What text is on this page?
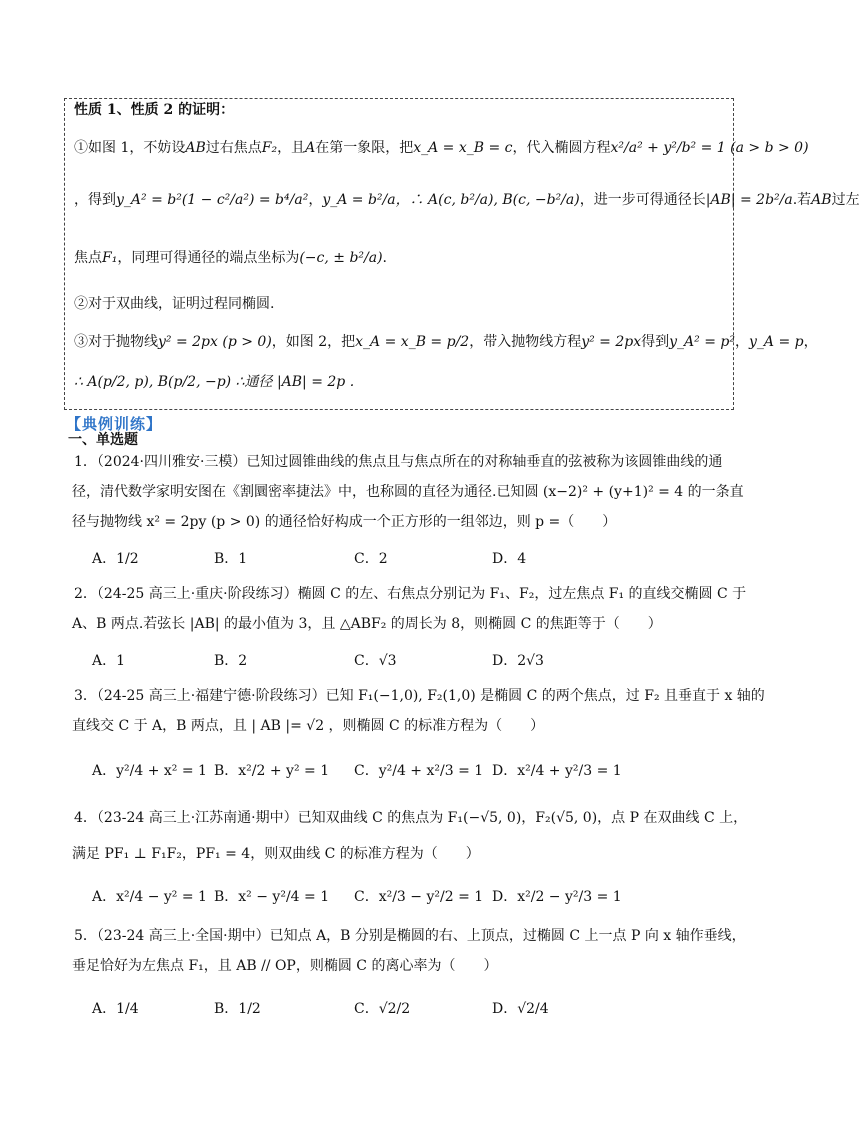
性质 1、性质 2 的证明：
①如图 1，不妨设AB过右焦点F₂，且A在第一象限，把x_A = x_B = c，代入椭圆方程x²/a² + y²/b² = 1 (a > b > 0)
，得到y_A² = b²(1 − c²/a²) = b⁴/a²，y_A = b²/a，∴ A(c, b²/a), B(c, −b²/a)，进一步可得通径长|AB| = 2b²/a.若AB过左
焦点F₁，同理可得通径的端点坐标为(−c, ± b²/a).
②对于双曲线，证明过程同椭圆.
③对于抛物线y² = 2px (p > 0)，如图 2，把x_A = x_B = p/2，带入抛物线方程y² = 2px得到y_A² = p²，y_A = p，
∴ A(p/2, p), B(p/2, −p) ∴通径 |AB| = 2p .
【典例训练】
一、单选题
1．（2024·四川雅安·三模）已知过圆锥曲线的焦点且与焦点所在的对称轴垂直的弦被称为该圆锥曲线的通
径，清代数学家明安图在《割圜密率捷法》中，也称圆的直径为通径.已知圆 (x−2)² + (y+1)² = 4 的一条直
径与抛物线 x² = 2py (p > 0) 的通径恰好构成一个正方形的一组邻边，则 p =（　　）
A．1/2	B．1	C．2	D．4
2．（24-25 高三上·重庆·阶段练习）椭圆 C 的左、右焦点分别记为 F₁、F₂，过左焦点 F₁ 的直线交椭圆 C 于
A、B 两点.若弦长 |AB| 的最小值为 3，且 △ABF₂ 的周长为 8，则椭圆 C 的焦距等于（　　）
A．1	B．2	C．√3	D．2√3
3．（24-25 高三上·福建宁德·阶段练习）已知 F₁(−1,0), F₂(1,0) 是椭圆 C 的两个焦点，过 F₂ 且垂直于 x 轴的
直线交 C 于 A，B 两点，且 | AB |= √2 ，则椭圆 C 的标准方程为（　　）
A．y²/4 + x² = 1 B．x²/2 + y² = 1 C．y²/4 + x²/3 = 1 D．x²/4 + y²/3 = 1
4．（23-24 高三上·江苏南通·期中）已知双曲线 C 的焦点为 F₁(−√5, 0)，F₂(√5, 0)，点 P 在双曲线 C 上，
满足 PF₁ ⊥ F₁F₂，PF₁ = 4，则双曲线 C 的标准方程为（　　）
A．x²/4 − y² = 1 B．x² − y²/4 = 1 C．x²/3 − y²/2 = 1 D．x²/2 − y²/3 = 1
5．（23-24 高三上·全国·期中）已知点 A，B 分别是椭圆的右、上顶点，过椭圆 C 上一点 P 向 x 轴作垂线，
垂足恰好为左焦点 F₁，且 AB // OP，则椭圆 C 的离心率为（　　）
A．1/4	B．1/2	C．√2/2	D．√2/4
